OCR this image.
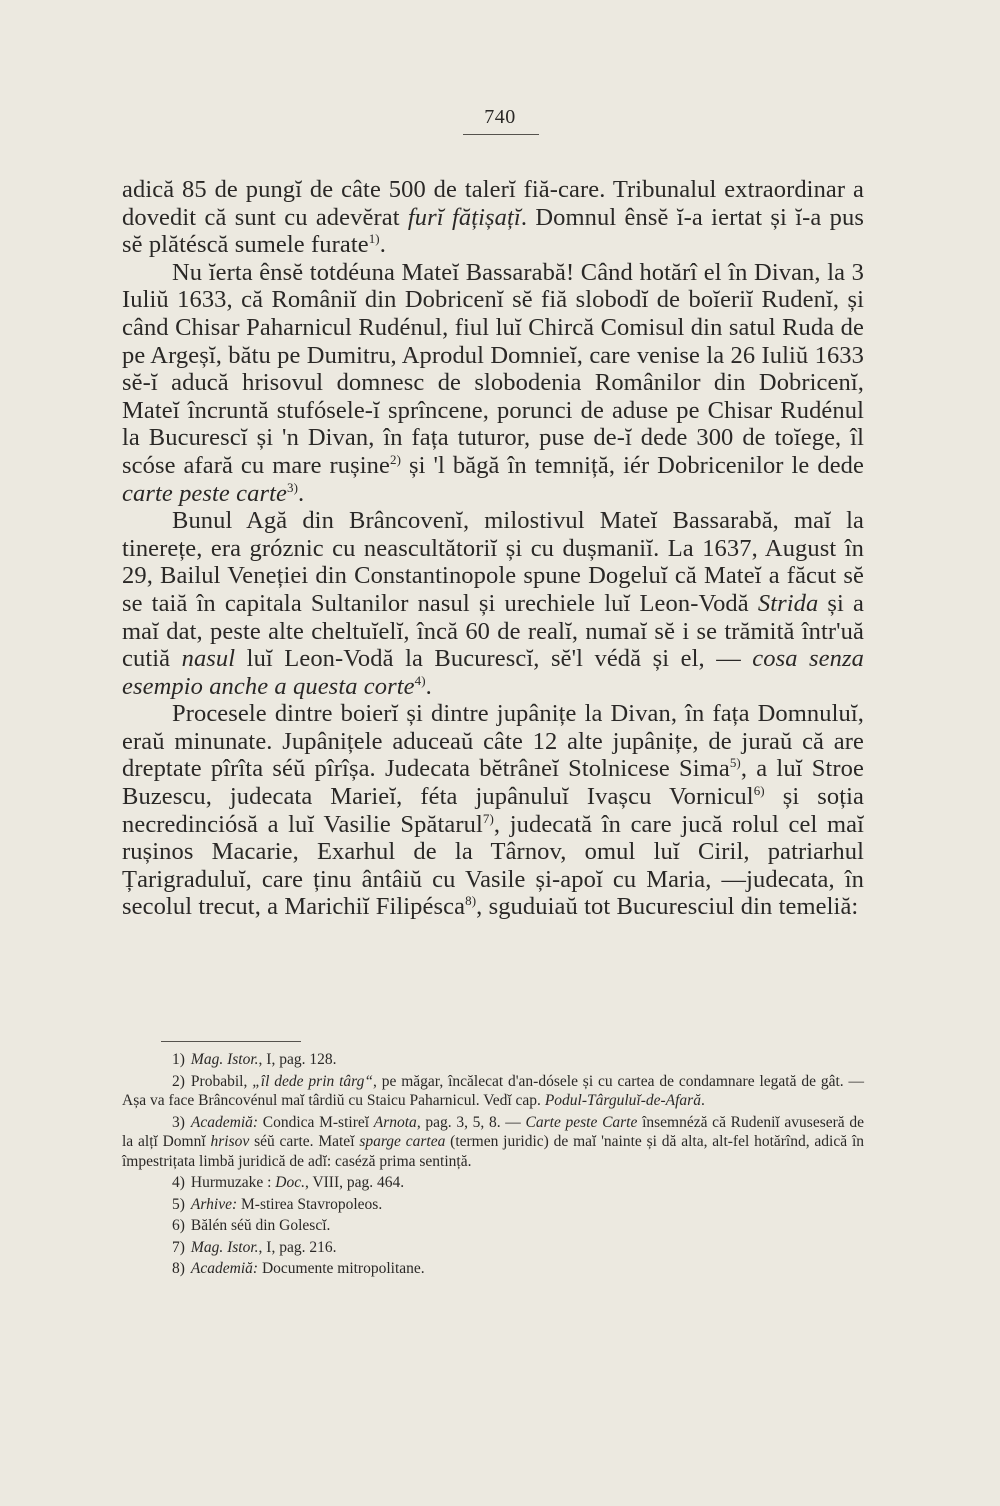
740

adică 85 de pungĭ de câte 500 de talerĭ fiă-care. Tribunalul extraordinar a dovedit că sunt cu adevĕrat furĭ fățișațĭ. Domnul ênsĕ ĭ-a iertat și ĭ-a pus sĕ plătéscă sumele furate$^{1)}$.

Nu ĭerta ênsĕ totdéuna Mateĭ Bassarabă! Când hotărî el în Divan, la 3 Iuliŭ 1633, că Româniĭ din Dobricenĭ sĕ fiă slobodĭ de boĭeriĭ Rudenĭ, și când Chisar Paharnicul Rudénul, fiul luĭ Chircă Comisul din satul Ruda de pe Argeșĭ, bătu pe Dumitru, Aprodul Domnieĭ, care venise la 26 Iuliŭ 1633 sĕ-ĭ aducă hrisovul domnesc de slobodenia Românilor din Dobricenĭ, Mateĭ încruntă stufósele-ĭ sprîncene, porunci de aduse pe Chisar Rudénul la Bucurescĭ și 'n Divan, în fața tuturor, puse de-ĭ dede 300 de toĭege, îl scóse afară cu mare rușine$^{2)}$ și 'l băgă în temniță, iér Dobricenilor le dede carte peste carte$^{3)}$.

Bunul Agă din Brâncovenĭ, milostivul Mateĭ Bassarabă, maĭ la tinerețe, era gróznic cu neascultătoriĭ și cu dușmaniĭ. La 1637, August în 29, Bailul Veneției din Constantinopole spune Dogeluĭ că Mateĭ a făcut sĕ se taiă în capitala Sultanilor nasul și urechiele luĭ Leon-Vodă Strida și a maĭ dat, peste alte cheltuĭelĭ, încă 60 de realĭ, numaĭ sĕ i se trămită într'uă cutiă nasul luĭ Leon-Vodă la Bucurescĭ, sĕ'l védă și el, — cosa senza esempio anche a questa corte$^{4)}$.

Procesele dintre boierĭ și dintre jupânițe la Divan, în fața Domnuluĭ, eraŭ minunate. Jupânițele aduceaŭ câte 12 alte jupânițe, de juraŭ că are dreptate pîrîta séŭ pîrîșa. Judecata bĕtrâneĭ Stolnicese Sima$^{5)}$, a luĭ Stroe Buzescu, judecata Marieĭ, féta jupânuluĭ Ivașcu Vornicul$^{6)}$ și soția necredinciósă a luĭ Vasilie Spătarul$^{7)}$, judecată în care jucă rolul cel maĭ rușinos Macarie, Exarhul de la Târnov, omul luĭ Ciril, patriarhul Țarigraduluĭ, care ținu ântâiŭ cu Vasile și-apoĭ cu Maria, —judecata, în secolul trecut, a Marichiĭ Filipésca$^{8)}$, sguduiaŭ tot Bucuresciul din temeliă:

1) Mag. Istor., I, pag. 128.
2) Probabil, „îl dede prin târg“, pe măgar, încălecat d'an-dósele și cu cartea de condamnare legată de gât. — Așa va face Brâncovénul maĭ târdiŭ cu Staicu Paharnicul. Vedĭ cap. Podul-Târguluĭ-de-Afară.
3) Academiă: Condica M-stireĭ Arnota, pag. 3, 5, 8. — Carte peste Carte însemnéză că Rudeniĭ avuseseră de la alțĭ Domnĭ hrisov séŭ carte. Mateĭ sparge cartea (termen juridic) de maĭ 'nainte și dă alta, alt-fel hotărînd, adică în împestrițata limbă juridică de adĭ: caséză prima sentință.
4) Hurmuzake : Doc., VIII, pag. 464.
5) Arhive: M-stirea Stavropoleos.
6) Bălén séŭ din Golescĭ.
7) Mag. Istor., I, pag. 216.
8) Academiă: Documente mitropolitane.
